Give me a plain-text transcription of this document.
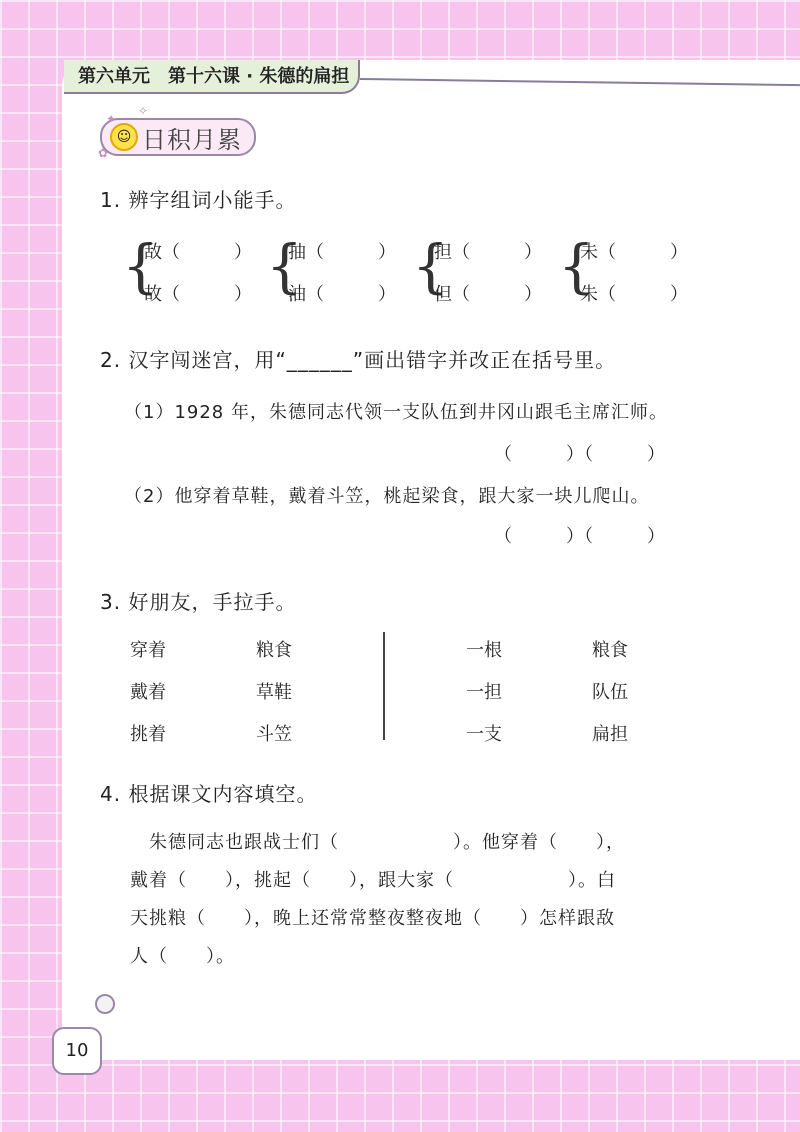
第六单元　第十六课 · 朱德的扁担
☺ 日积月累
✦
✿
✧
1. 辨字组词小能手。
{
敌（　　　）
故（　　　） {
抽（　　　）
油（　　　） {
担（　　　）
但（　　　） {
未（　　　）
朱（　　　）
2. 汉字闯迷宫，用“______”画出错字并改正在括号里。
（1）1928 年，朱德同志代领一支队伍到井冈山跟毛主席汇师。
（　　　）（　　　）
（2）他穿着草鞋，戴着斗笠，桃起梁食，跟大家一块儿爬山。
（　　　）（　　　）
3. 好朋友，手拉手。
穿着
戴着
挑着
粮食
草鞋
斗笠
一根
一担
一支
粮食
队伍
扁担
4. 根据课文内容填空。
　朱德同志也跟战士们（　　　　　　）。他穿着（　　），
戴着（　　），挑起（　　），跟大家（　　　　　　）。白
天挑粮（　　），晚上还常常整夜整夜地（　　）怎样跟敌
人（　　）。
10
